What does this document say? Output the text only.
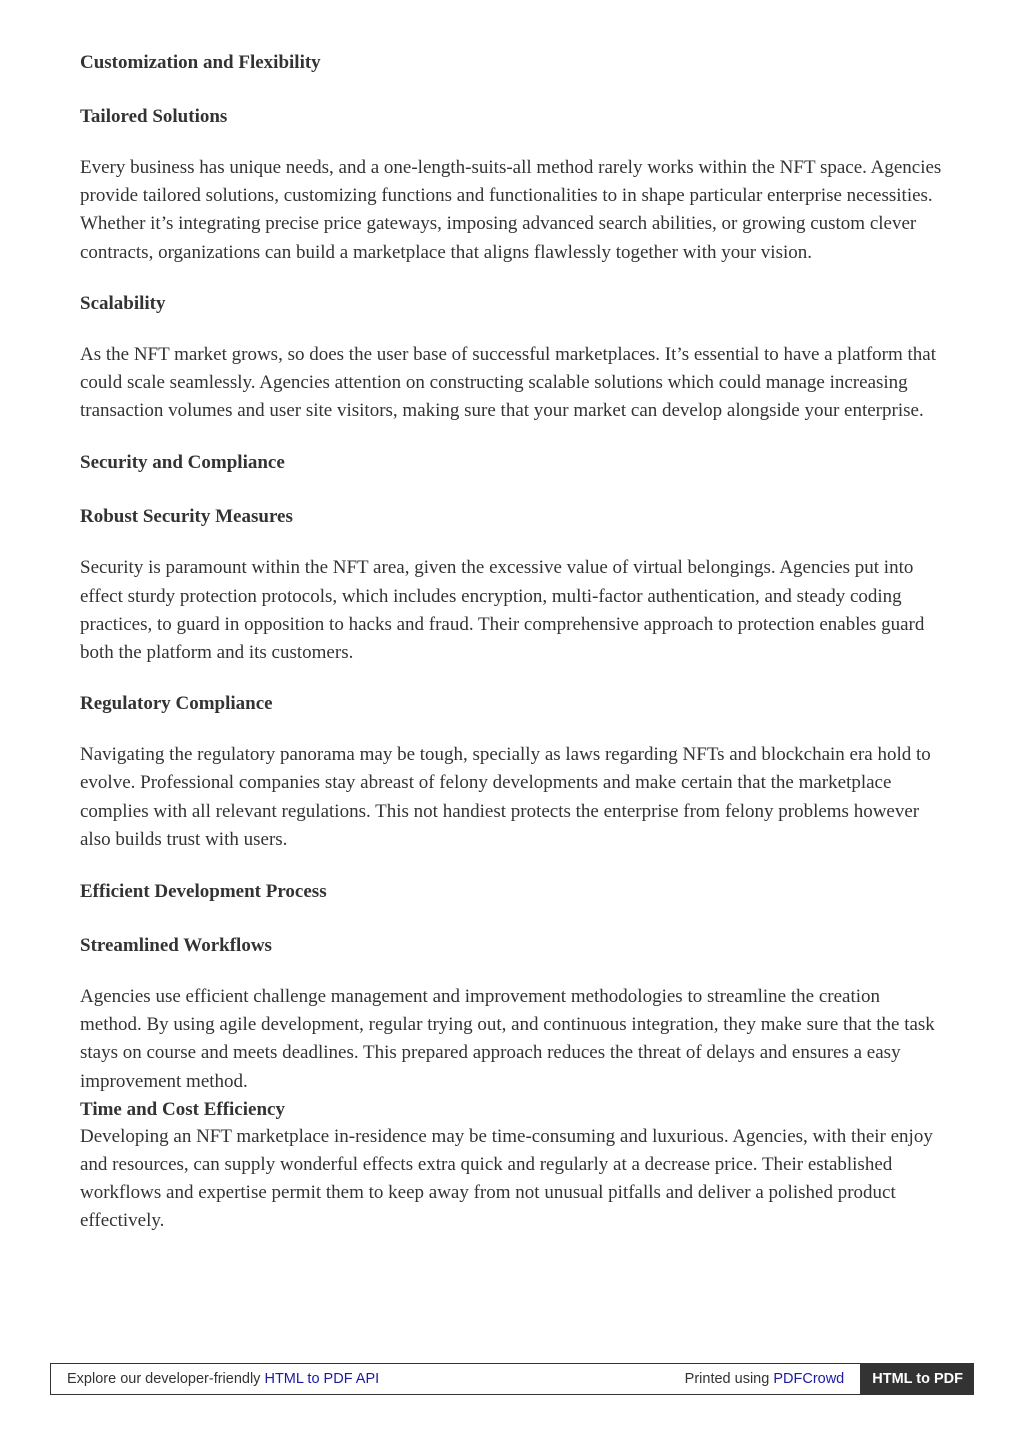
Customization and Flexibility
Tailored Solutions

Every business has unique needs, and a one-length-suits-all method rarely works within the NFT space. Agencies provide tailored solutions, customizing functions and functionalities to in shape particular enterprise necessities. Whether it’s integrating precise price gateways, imposing advanced search abilities, or growing custom clever contracts, organizations can build a marketplace that aligns flawlessly together with your vision.

Scalability

As the NFT market grows, so does the user base of successful marketplaces. It’s essential to have a platform that could scale seamlessly. Agencies attention on constructing scalable solutions which could manage increasing transaction volumes and user site visitors, making sure that your market can develop alongside your enterprise.

Security and Compliance
Robust Security Measures

Security is paramount within the NFT area, given the excessive value of virtual belongings. Agencies put into effect sturdy protection protocols, which includes encryption, multi-factor authentication, and steady coding practices, to guard in opposition to hacks and fraud. Their comprehensive approach to protection enables guard both the platform and its customers.

Regulatory Compliance

Navigating the regulatory panorama may be tough, specially as laws regarding NFTs and blockchain era hold to evolve. Professional companies stay abreast of felony developments and make certain that the marketplace complies with all relevant regulations. This not handiest protects the enterprise from felony problems however also builds trust with users.

Efficient Development Process
Streamlined Workflows

Agencies use efficient challenge management and improvement methodologies to streamline the creation method. By using agile development, regular trying out, and continuous integration, they make sure that the task stays on course and meets deadlines. This prepared approach reduces the threat of delays and ensures a easy improvement method.

Time and Cost Efficiency

Developing an NFT marketplace in-residence may be time-consuming and luxurious. Agencies, with their enjoy and resources, can supply wonderful effects extra quick and regularly at a decrease price. Their established workflows and expertise permit them to keep away from not unusual pitfalls and deliver a polished product effectively.

Explore our developer-friendly HTML to PDF API	Printed using PDFCrowd	HTML to PDF
